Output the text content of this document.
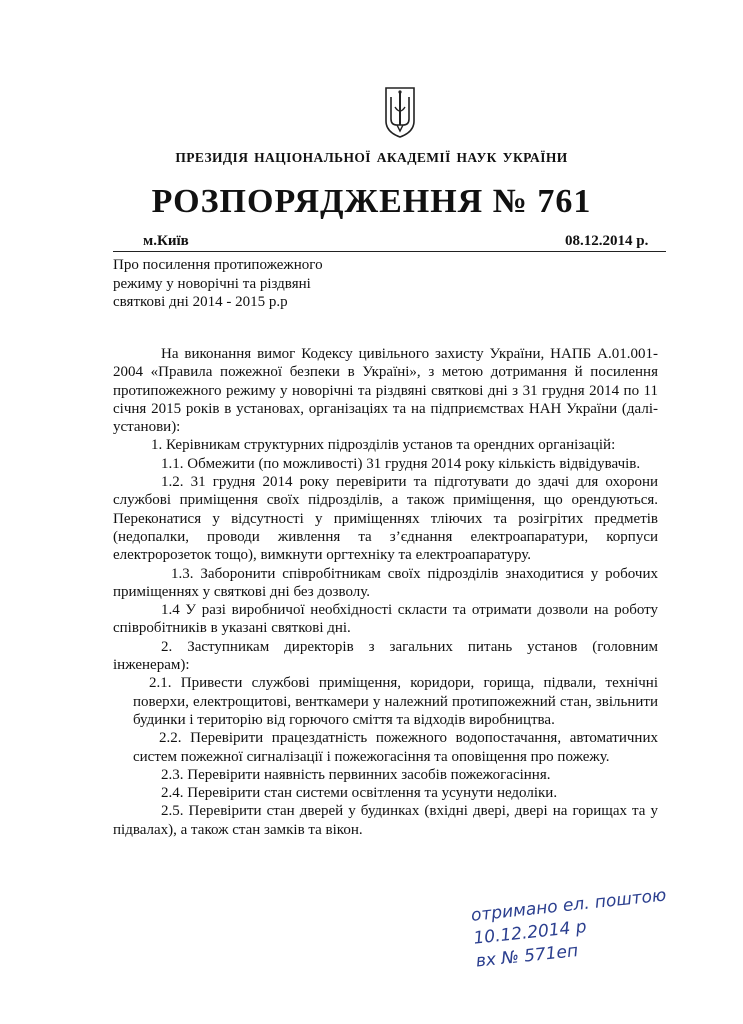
ПРЕЗИДІЯ НАЦІОНАЛЬНОЇ АКАДЕМІЇ НАУК УКРАЇНИ
РОЗПОРЯДЖЕННЯ № 761
м.Київ	08.12.2014 р.
Про посилення протипожежного
режиму у новорічні та різдвяні
святкові дні 2014 - 2015 р.р

На виконання вимог Кодексу цивільного захисту України, НАПБ А.01.001-2004 «Правила пожежної безпеки в Україні», з метою дотримання й посилення протипожежного режиму у новорічні та різдвяні святкові дні з 31 грудня 2014 по 11 січня 2015 років в установах, організаціях та на підприємствах НАН України (далі-установи):

1. Керівникам структурних підрозділів установ та орендних організацій:

1.1. Обмежити (по можливості) 31 грудня 2014 року кількість відвідувачів.

1.2. 31 грудня 2014 року перевірити та підготувати до здачі для охорони службові приміщення своїх підрозділів, а також приміщення, що орендуються. Переконатися у відсутності у приміщеннях тліючих та розігрітих предметів (недопалки, проводи живлення та з’єднання електроапаратури, корпуси електророзеток тощо), вимкнути оргтехніку та електроапаратуру.

1.3. Заборонити співробітникам своїх підрозділів знаходитися у робочих приміщеннях у святкові дні без дозволу.

1.4 У разі виробничої необхідності скласти та отримати дозволи на роботу співробітників в указані святкові дні.

2. Заступникам директорів з загальних питань установ (головним інженерам):

2.1. Привести службові приміщення, коридори, горища, підвали, технічні поверхи, електрощитові, венткамери у належний протипожежний стан, звільнити будинки і територію від горючого сміття та відходів виробництва.

2.2. Перевірити працездатність пожежного водопостачання, автоматичних систем пожежної сигналізації і пожежогасіння та оповіщення про пожежу.

2.3. Перевірити наявність первинних засобів пожежогасіння.

2.4. Перевірити стан системи освітлення та усунути недоліки.

2.5. Перевірити стан дверей у будинках (вхідні двері, двері на горищах та у підвалах), а також стан замків та вікон.

отримано ел. поштою
10.12.2014 р
вх № 571еп
